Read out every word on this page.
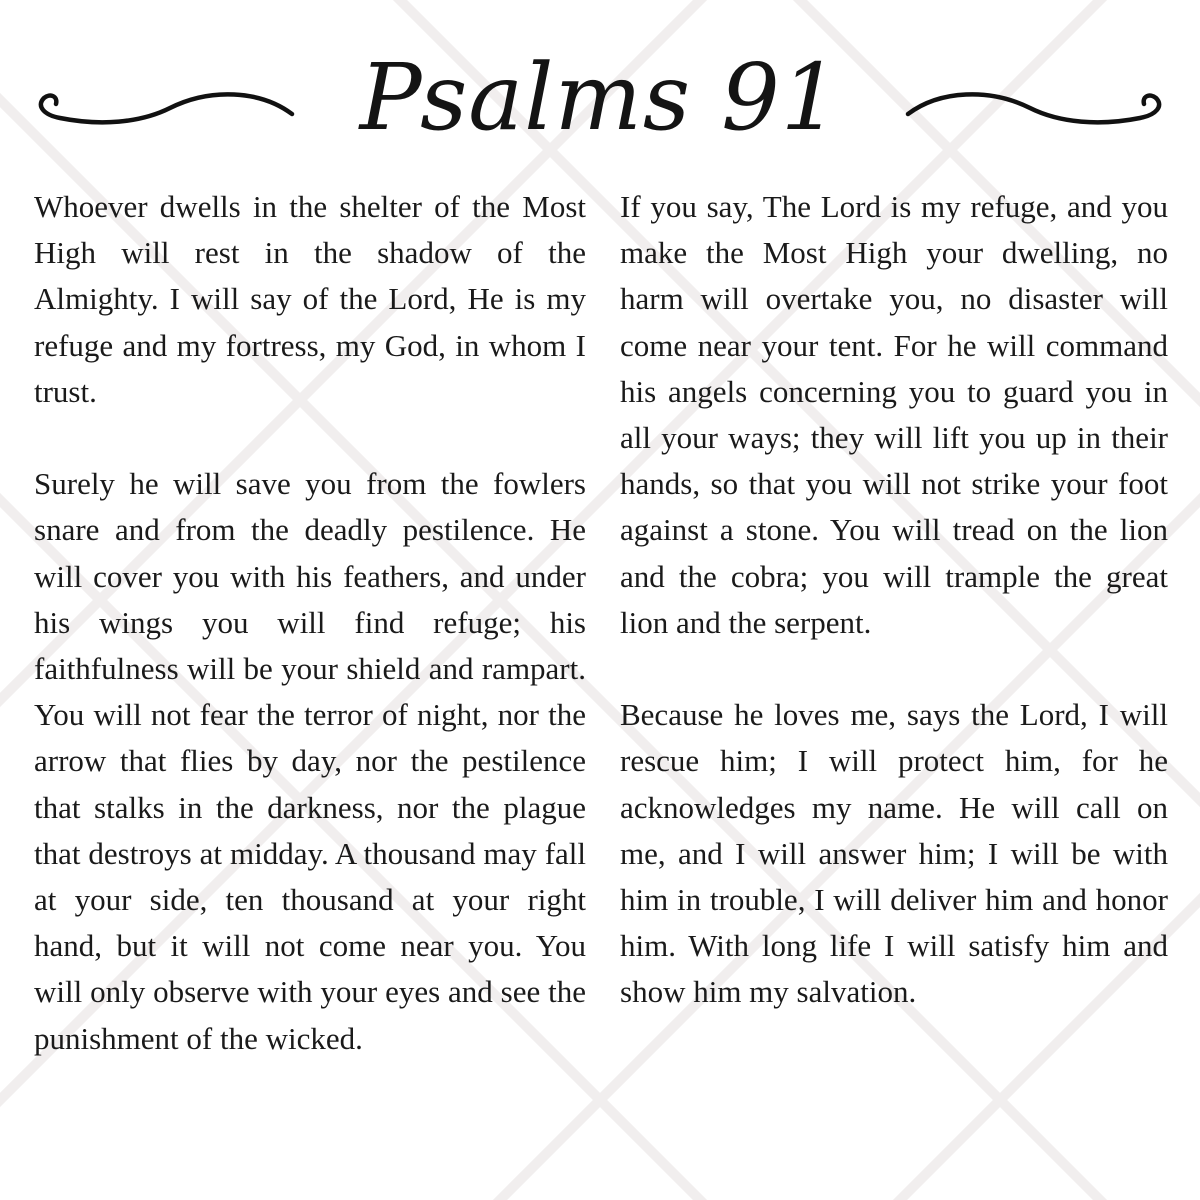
Psalms 91

Whoever dwells in the shelter of the Most High will rest in the shadow of the Almighty. I will say of the Lord, He is my refuge and my fortress, my God, in whom I trust.

Surely he will save you from the fowlers snare and from the deadly pestilence. He will cover you with his feathers, and under his wings you will find refuge; his faithfulness will be your shield and rampart. You will not fear the terror of night, nor the arrow that flies by day, nor the pestilence that stalks in the darkness, nor the plague that destroys at midday. A thousand may fall at your side, ten thousand at your right hand, but it will not come near you. You will only observe with your eyes and see the punishment of the wicked.

If you say, The Lord is my refuge, and you make the Most High your dwelling, no harm will overtake you, no disaster will come near your tent. For he will command his angels concerning you to guard you in all your ways; they will lift you up in their hands, so that you will not strike your foot against a stone. You will tread on the lion and the cobra; you will trample the great lion and the serpent.

Because he loves me, says the Lord, I will rescue him; I will protect him, for he acknowledges my name. He will call on me, and I will answer him; I will be with him in trouble, I will deliver him and honor him. With long life I will satisfy him and show him my salvation.
